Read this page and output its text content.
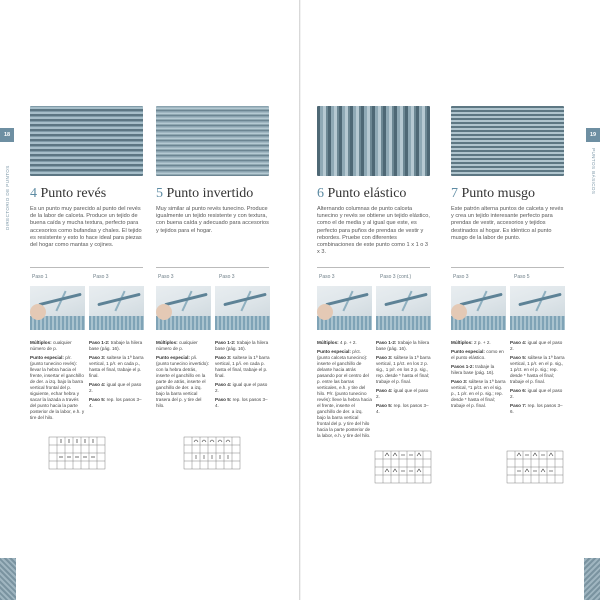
18	19
DIRECTORIO DE PUNTOS	PUNTOS BÁSICOS
4 Punto revés
Es un punto muy parecido al punto del revés de la labor de calceta. Produce un tejido de buena caída y mucha textura, perfecto para accesorios como bufandas y chales. El tejido es resistente y esto lo hace ideal para piezas del hogar como mantas y cojines.
Paso 1	Paso 3

Múltiplos: cualquier número de p.

Punto especial: p/r. (punto tunecino revés): llevar la hebra hacia el frente, insertar el ganchillo de der. a izq. bajo la barra vertical frontal del p. siguiente, echar hebra y sacar la lazada a través del punto hacia la parte posterior de la labor, e.h. y tire del hilo.

Paso 1-2: trabaje la hilera base (pág. 16).

Paso 3: saltese la 1ª barra vertical, 1 p/r. en cada p., hasta el final, trabaje el p. final.

Paso 4: igual que el paso 2.

Paso 5: rep. los pasos 3–4.

5 Punto invertido
Muy similar al punto revés tunecino. Produce igualmente un tejido resistente y con textura, con buena caída y adecuado para accesorios y tejidos para el hogar.
Paso 3	Paso 3

Múltiplos: cualquier número de p.

Punto especial: p/i. (punto tunecino invertido): con la hebra detrás, inserte el ganchillo en la parte de atrás, inserte el ganchillo de der. a izq. bajo la barra vertical trasera del p. y tire del hilo.

Paso 1-2: trabaje la hilera base (pág. 16).

Paso 3: saltese la 1ª barra vertical, 1 p/i. en cada p. hasta el final, trabaje el p. final.

Paso 4: igual que el paso 2.

Paso 5: rep. los pasos 3–4.

6 Punto elástico
Alternando columnas de punto calceta tunecino y revés se obtiene un tejido elástico, como el de media y al igual que este, es perfecto para puños de prendas de vestir y rebordes. Pruebe con diferentes combinaciones de este punto como 1 x 1 o 3 x 3.
Paso 3	Paso 3 (cont.)

Múltiplos: 4 p. + 2.

Punto especial: p/ct. (punto calceta tunecino): inserte el ganchillo de delante hacia atrás pasando por el centro del p. entre las barras verticales, e.h. y tire del hilo. P/r. (punto tunecino revés): lleve la hebra hacia el frente, inserte el ganchillo de der. a izq. bajo la barra vertical frontal del p. y tire del hilo hacia la parte posterior de la labor, e.h. y tire del hilo.

Paso 1-2: trabaje la hilera base (pág. 16).

Paso 3: sáltese la 1ª barra vertical, 1 p/ct. en los 2 p. sig., 1 p/r. en los 2 p. sig., rep. desde * hasta el final; trabaje el p. final.

Paso 4: igual que el paso 2.

Paso 5: rep. los pasos 3–4.

7 Punto musgo
Este patrón alterna puntos de calceta y revés y crea un tejido interesante perfecto para prendas de vestir, accesorios y tejidos destinados al hogar. Es idéntico al punto musgo de la labor de punto.
Paso 3	Paso 5

Múltiplos: 2 p. + 2.

Punto especial: como en el punto elástico.

Pasos 1-2: trabaje la hilera base (pág. 16).

Paso 3: sáltese la 1ª barra vertical, *1 p/ct. en el sig. p., 1 p/r. en el p. sig.; rep. desde * hasta el final; trabaje el p. final.

Paso 4: igual que el paso 2.

Paso 5: sáltese la 1ª barra vertical, 1 p/r. en el p. sig., 1 p/ct. en el p. sig.; rep. desde * hasta el final; trabaje el p. final.

Paso 6: igual que el paso 2.

Paso 7: rep. los pasos 3–6.
